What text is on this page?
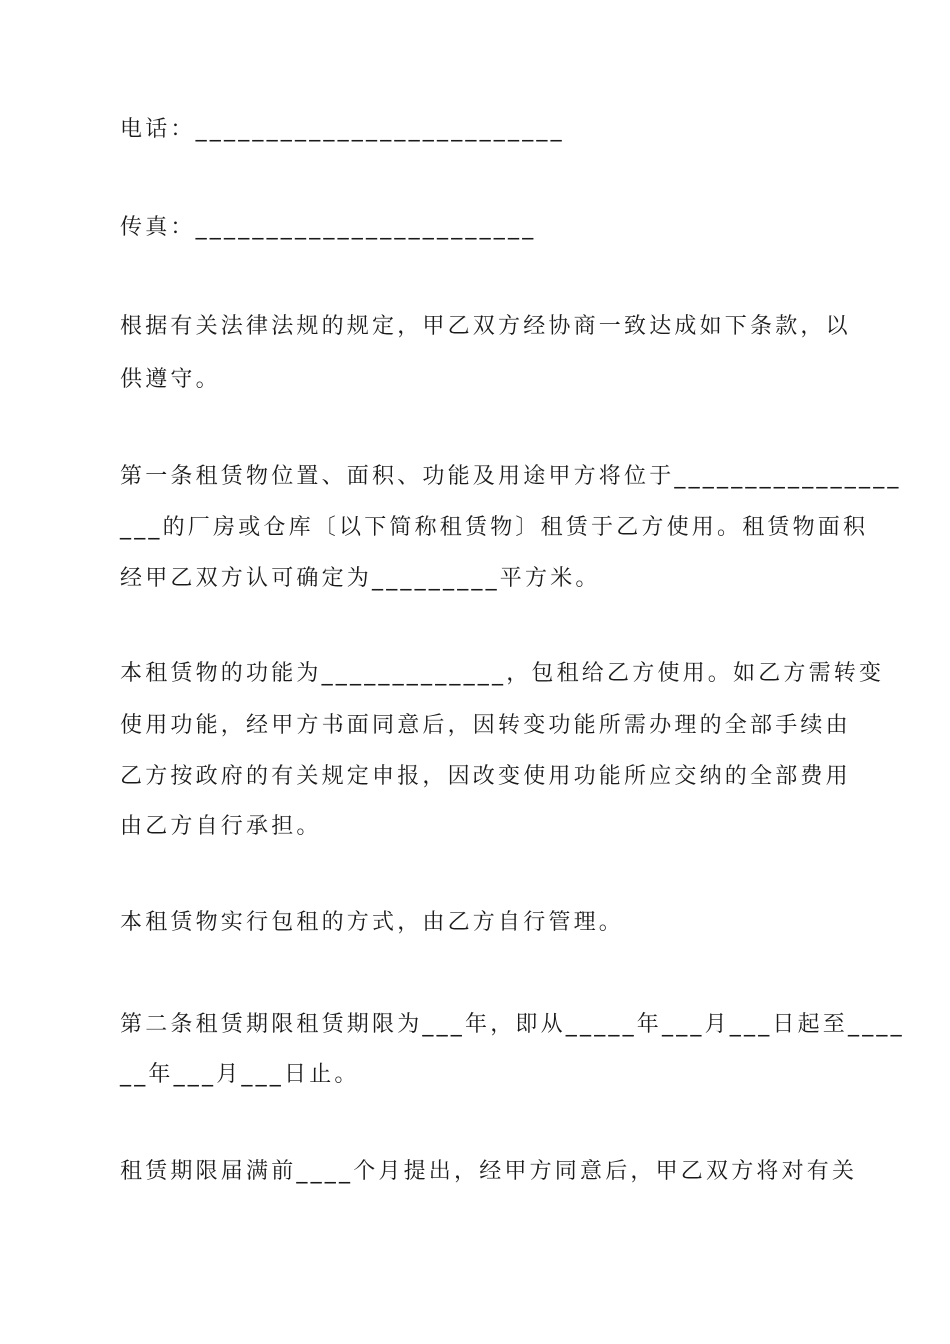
电话：__________________________

传真：________________________

根据有关法律法规的规定，甲乙双方经协商一致达成如下条款，以

供遵守。

第一条租赁物位置、面积、功能及用途甲方将位于________________

___的厂房或仓库〔以下简称租赁物〕租赁于乙方使用。租赁物面积

经甲乙双方认可确定为_________平方米。

本租赁物的功能为_____________，包租给乙方使用。如乙方需转变

使用功能，经甲方书面同意后，因转变功能所需办理的全部手续由

乙方按政府的有关规定申报，因改变使用功能所应交纳的全部费用

由乙方自行承担。

本租赁物实行包租的方式，由乙方自行管理。

第二条租赁期限租赁期限为___年，即从_____年___月___日起至____

__年___月___日止。

租赁期限届满前____个月提出，经甲方同意后，甲乙双方将对有关
